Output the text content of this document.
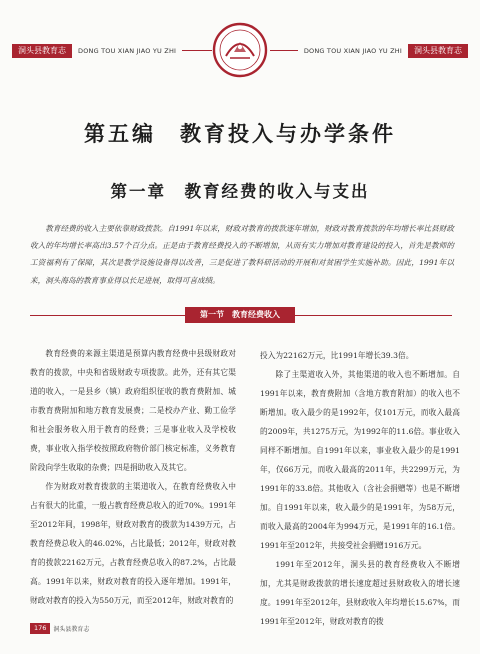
洞头县教育志	DONG TOU XIAN JIAO YU ZHI	DONG TOU XIAN JIAO YU ZHI	洞头县教育志
第五编　教育投入与办学条件
第一章　教育经费的收入与支出
教育经费的收入主要依靠财政拨款。自1991年以来，财政对教育的拨款逐年增加，财政对教育拨款的年均增长率比县财政收入的年均增长率高出3.57个百分点。正是由于教育经费投入的不断增加，从而有实力增加对教育建设的投入，首先是教师的工资福利有了保障，其次是教学设施设备得以改善，三是促进了教科研活动的开展和对贫困学生实施补助。因此，1991年以来，洞头海岛的教育事业得以长足进展，取得可喜成绩。
第一节　教育经费收入

教育经费的来源主渠道是预算内教育经费中县级财政对教育的拨款，中央和省级财政专项拨款。此外，还有其它渠道的收入，一是县乡（镇）政府组织征收的教育费附加、城市教育费附加和地方教育发展费；二是校办产业、勤工俭学和社会服务收入用于教育的经费；三是事业收入及学校收费，事业收入指学校按照政府物价部门核定标准，义务教育阶段向学生收取的杂费；四是捐助收入及其它。

作为财政对教育拨款的主渠道收入，在教育经费收入中占有很大的比重，一般占教育经费总收入的近70%。1991年至2012年间，1998年，财政对教育的拨款为1439万元，占教育经费总收入的46.02%，占比最低；2012年，财政对教育的拨款22162万元，占教育经费总收入的87.2%，占比最高。1991年以来，财政对教育的投入逐年增加。1991年，财政对教育的投入为550万元，而至2012年，财政对教育的

投入为22162万元，比1991年增长39.3倍。

除了主渠道收入外，其他渠道的收入也不断增加。自1991年以来，教育费附加（含地方教育附加）的收入也不断增加。收入最少的是1992年，仅101万元，而收入最高的2009年，共1275万元，为1992年的11.6倍。事业收入同样不断增加。自1991年以来，事业收入最少的是1991年，仅66万元，而收入最高的2011年，共2299万元，为1991年的33.8倍。其他收入（含社会捐赠等）也是不断增加。自1991年以来，收入最少的是1991年，为58万元，而收入最高的2004年为994万元，是1991年的16.1倍。1991年至2012年，共接受社会捐赠1916万元。

1991年至2012年，洞头县的教育经费收入不断增加，尤其是财政拨款的增长速度超过县财政收入的增长速度。1991年至2012年，县财政收入年均增长15.67%，而1991年至2012年，财政对教育的拨

176	洞头县教育志
